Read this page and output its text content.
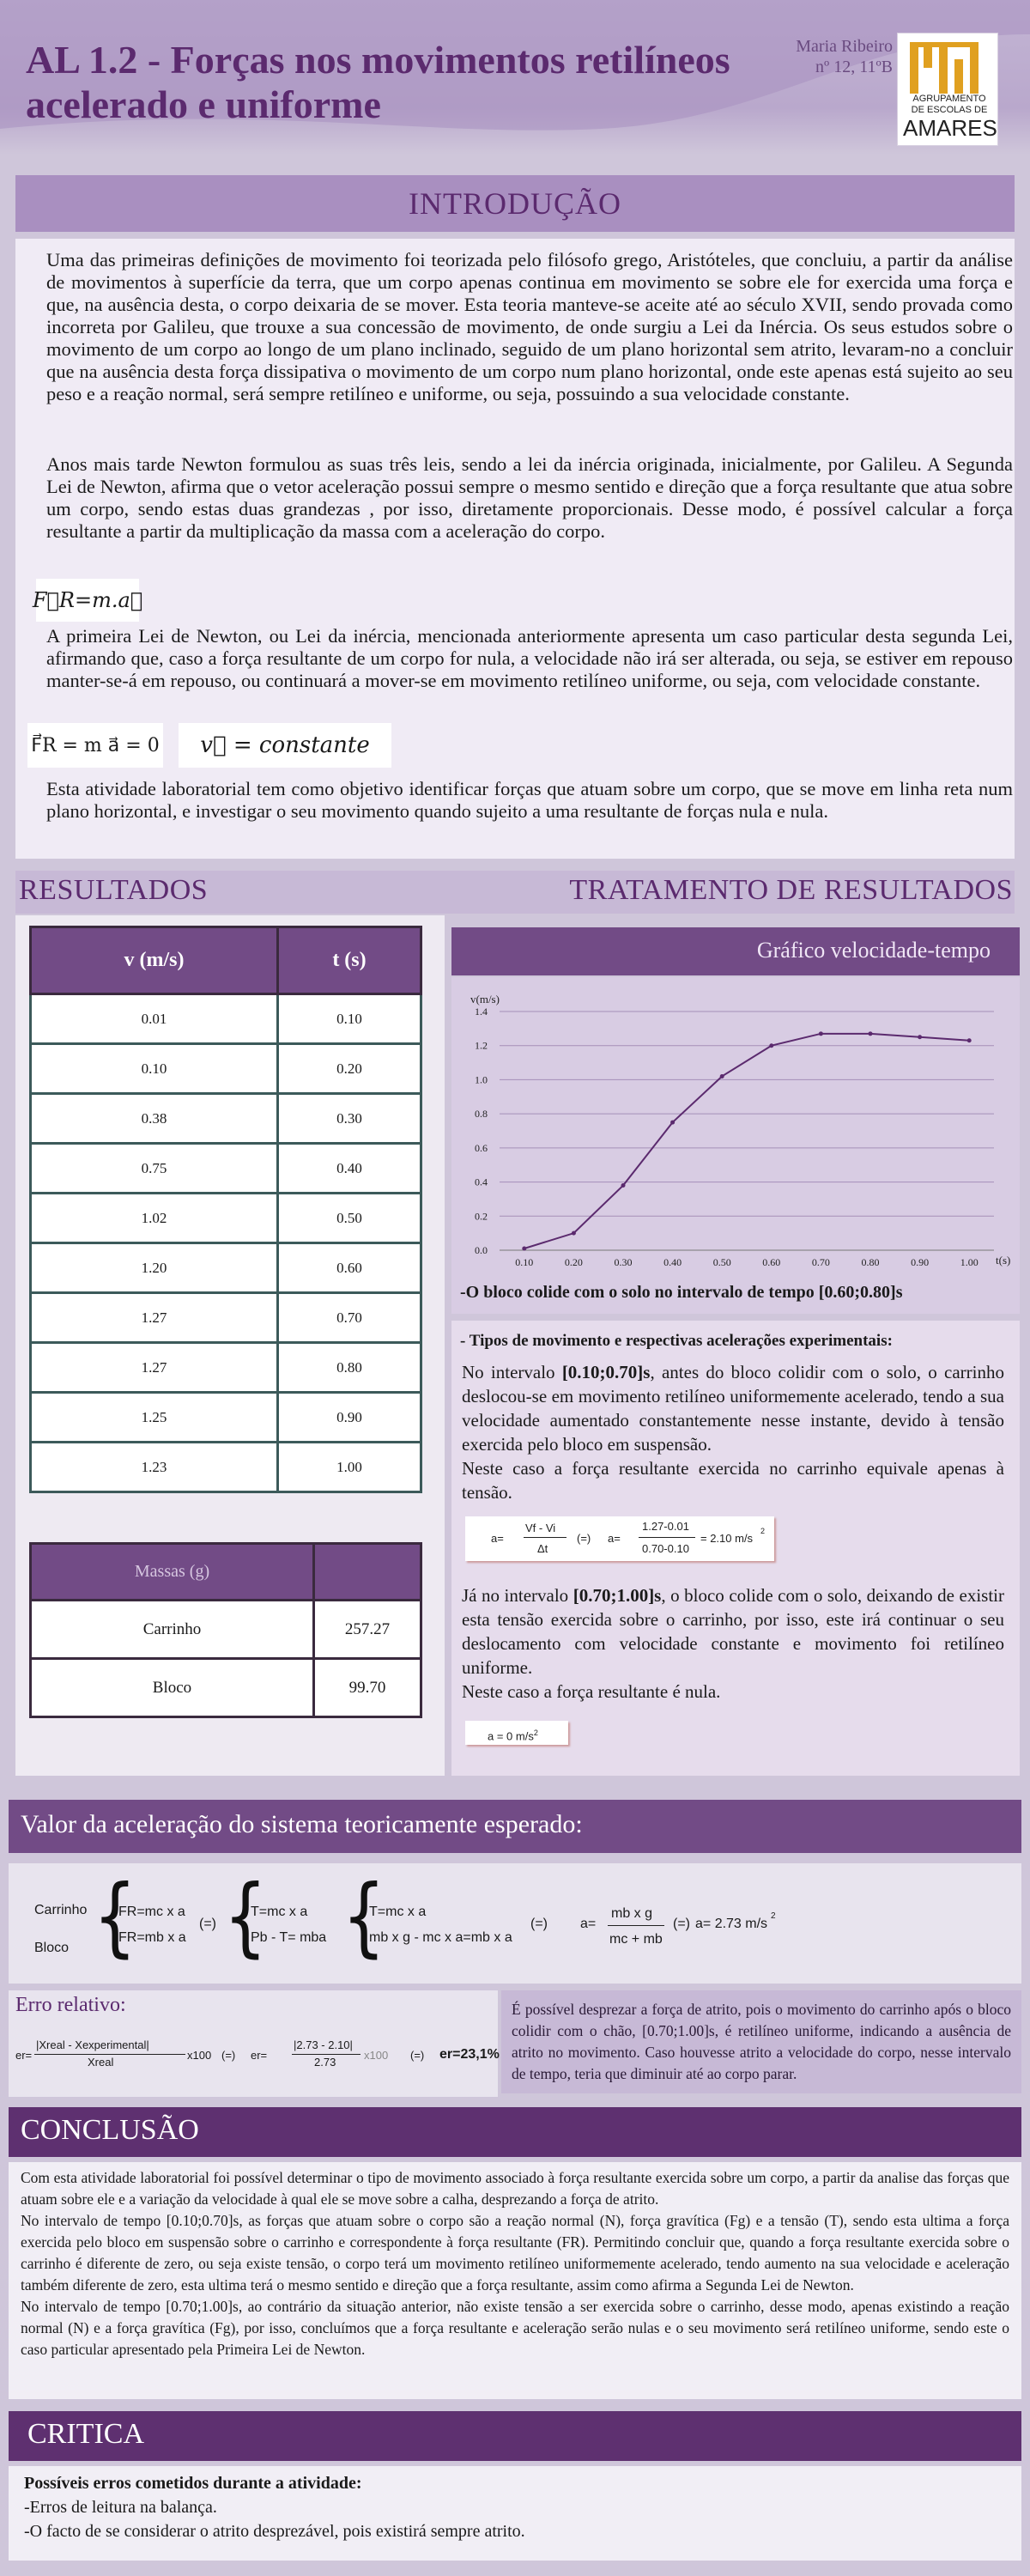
AL 1.2 - Forças nos movimentos retilíneos acelerado e uniforme
Maria Ribeiro
nº 12, 11ºB
AGRUPAMENTO
DE ESCOLAS DE
AMARES
INTRODUÇÃO
Uma das primeiras definições de movimento foi teorizada pelo filósofo grego, Aristóteles, que concluiu, a partir da análise de movimentos à superfície da terra, que um corpo apenas continua em movimento se sobre ele for exercida uma força e que, na ausência desta, o corpo deixaria de se mover. Esta teoria manteve-se aceite até ao século XVII, sendo provada como incorreta por Galileu, que trouxe a sua concessão de movimento, de onde surgiu a Lei da Inércia. Os seus estudos sobre o movimento de um corpo ao longo de um plano inclinado, seguido de um plano horizontal sem atrito, levaram-no a concluir que na ausência desta força dissipativa o movimento de um corpo num plano horizontal, onde este apenas está sujeito ao seu peso e a reação normal, será sempre retilíneo e uniforme, ou seja, possuindo a sua velocidade constante.
Anos mais tarde Newton formulou as suas três leis, sendo a lei da inércia originada, inicialmente, por Galileu. A Segunda Lei de Newton, afirma que o vetor aceleração possui sempre o mesmo sentido e direção que a força resultante que atua sobre um corpo, sendo estas duas grandezas , por isso, diretamente proporcionais. Desse modo, é possível calcular a força resultante a partir da multiplicação da massa com a aceleração do corpo.
F⃗R=m.a⃗
A primeira Lei de Newton, ou Lei da inércia, mencionada anteriormente apresenta um caso particular desta segunda Lei, afirmando que, caso a força resultante de um corpo for nula, a velocidade não irá ser alterada, ou seja, se estiver em repouso manter-se-á em repouso, ou continuará a mover-se em movimento retilíneo uniforme, ou seja, com velocidade constante.
F⃗R = m a⃗ = 0	v⃗ = constante
Esta atividade laboratorial tem como objetivo identificar forças que atuam sobre um corpo, que se move em linha reta num plano horizontal, e investigar o seu movimento quando sujeito a uma resultante de forças nula e nula.
RESULTADOS	TRATAMENTO DE RESULTADOS
v (m/s)	t (s)
0.01	0.10
0.10	0.20
0.38	0.30
0.75	0.40
1.02	0.50
1.20	0.60
1.27	0.70
1.27	0.80
1.25	0.90
1.23	1.00
Massas (g)	
Carrinho	257.27
Bloco	99.70
Gráfico velocidade-tempo
0.0
0.2
0.4
0.6
0.8
1.0
1.2
1.4
0.10	0.20	0.30	0.40	0.50	0.60	0.70	0.80	0.90	1.00
v(m/s)
t(s)
-O bloco colide com o solo no intervalo de tempo [0.60;0.80]s
- Tipos de movimento e respectivas acelerações experimentais:
No intervalo [0.10;0.70]s, antes do bloco colidir com o solo, o carrinho deslocou-se em movimento retilíneo uniformemente acelerado, tendo a sua velocidade aumentado constantemente nesse instante, devido à tensão exercida pelo bloco em suspensão.
Neste caso a força resultante exercida no carrinho equivale apenas à tensão.
a=
Vf - Vi
Δt
(=) a=
1.27-0.01
0.70-0.10
= 2.10 m/s
2
Já no intervalo [0.70;1.00]s, o bloco colide com o solo, deixando de existir esta tensão exercida sobre o carrinho, por isso, este irá continuar o seu deslocamento com velocidade constante e movimento foi retilíneo uniforme.
Neste caso a força resultante é nula.
a = 0 $m/s^2$
Valor da aceleração do sistema teoricamente esperado:
Carrinho
Bloco {
FR=mc x a
FR=mb x a
(=) {
T=mc x a
Pb - T= mba {
T=mc x a
mb x g - mc x a=mb x a
(=) a=
mb x g
mc + mb
(=) a= 2.73 m/s
2
er=
|Xreal - Xexperimental|
Xreal
x100 (=) er=
|2.73 - 2.10|
2.73
x100 (=) er=23,1%
Erro relativo:	É possível desprezar a força de atrito, pois o movimento do carrinho após o bloco colidir com o chão, [0.70;1.00]s, é retilíneo uniforme, indicando a ausência de atrito no movimento. Caso houvesse atrito a velocidade do corpo, nesse intervalo de tempo, teria que diminuir até ao corpo parar.
CONCLUSÃO
Com esta atividade laboratorial foi possível determinar o tipo de movimento associado à força resultante exercida sobre um corpo, a partir da analise das forças que atuam sobre ele e a variação da velocidade à qual ele se move sobre a calha, desprezando a força de atrito.
No intervalo de tempo [0.10;0.70]s, as forças que atuam sobre o corpo são a reação normal (N), força gravítica (Fg) e a tensão (T), sendo esta ultima a força exercida pelo bloco em suspensão sobre o carrinho e correspondente à força resultante (FR). Permitindo concluir que, quando a força resultante exercida sobre o carrinho é diferente de zero, ou seja existe tensão, o corpo terá um movimento retilíneo uniformemente acelerado, tendo aumento na sua velocidade e aceleração também diferente de zero, esta ultima terá o mesmo sentido e direção que a força resultante, assim como afirma a Segunda Lei de Newton.
No intervalo de tempo [0.70;1.00]s, ao contrário da situação anterior, não existe tensão a ser exercida sobre o carrinho, desse modo, apenas existindo a reação normal (N) e a força gravítica (Fg), por isso, concluímos que a força resultante e aceleração serão nulas e o seu movimento será retilíneo uniforme, sendo este o caso particular apresentado pela Primeira Lei de Newton.
CRITICA
Possíveis erros cometidos durante a atividade:
-Erros de leitura na balança.
-O facto de se considerar o atrito desprezável, pois existirá sempre atrito.
